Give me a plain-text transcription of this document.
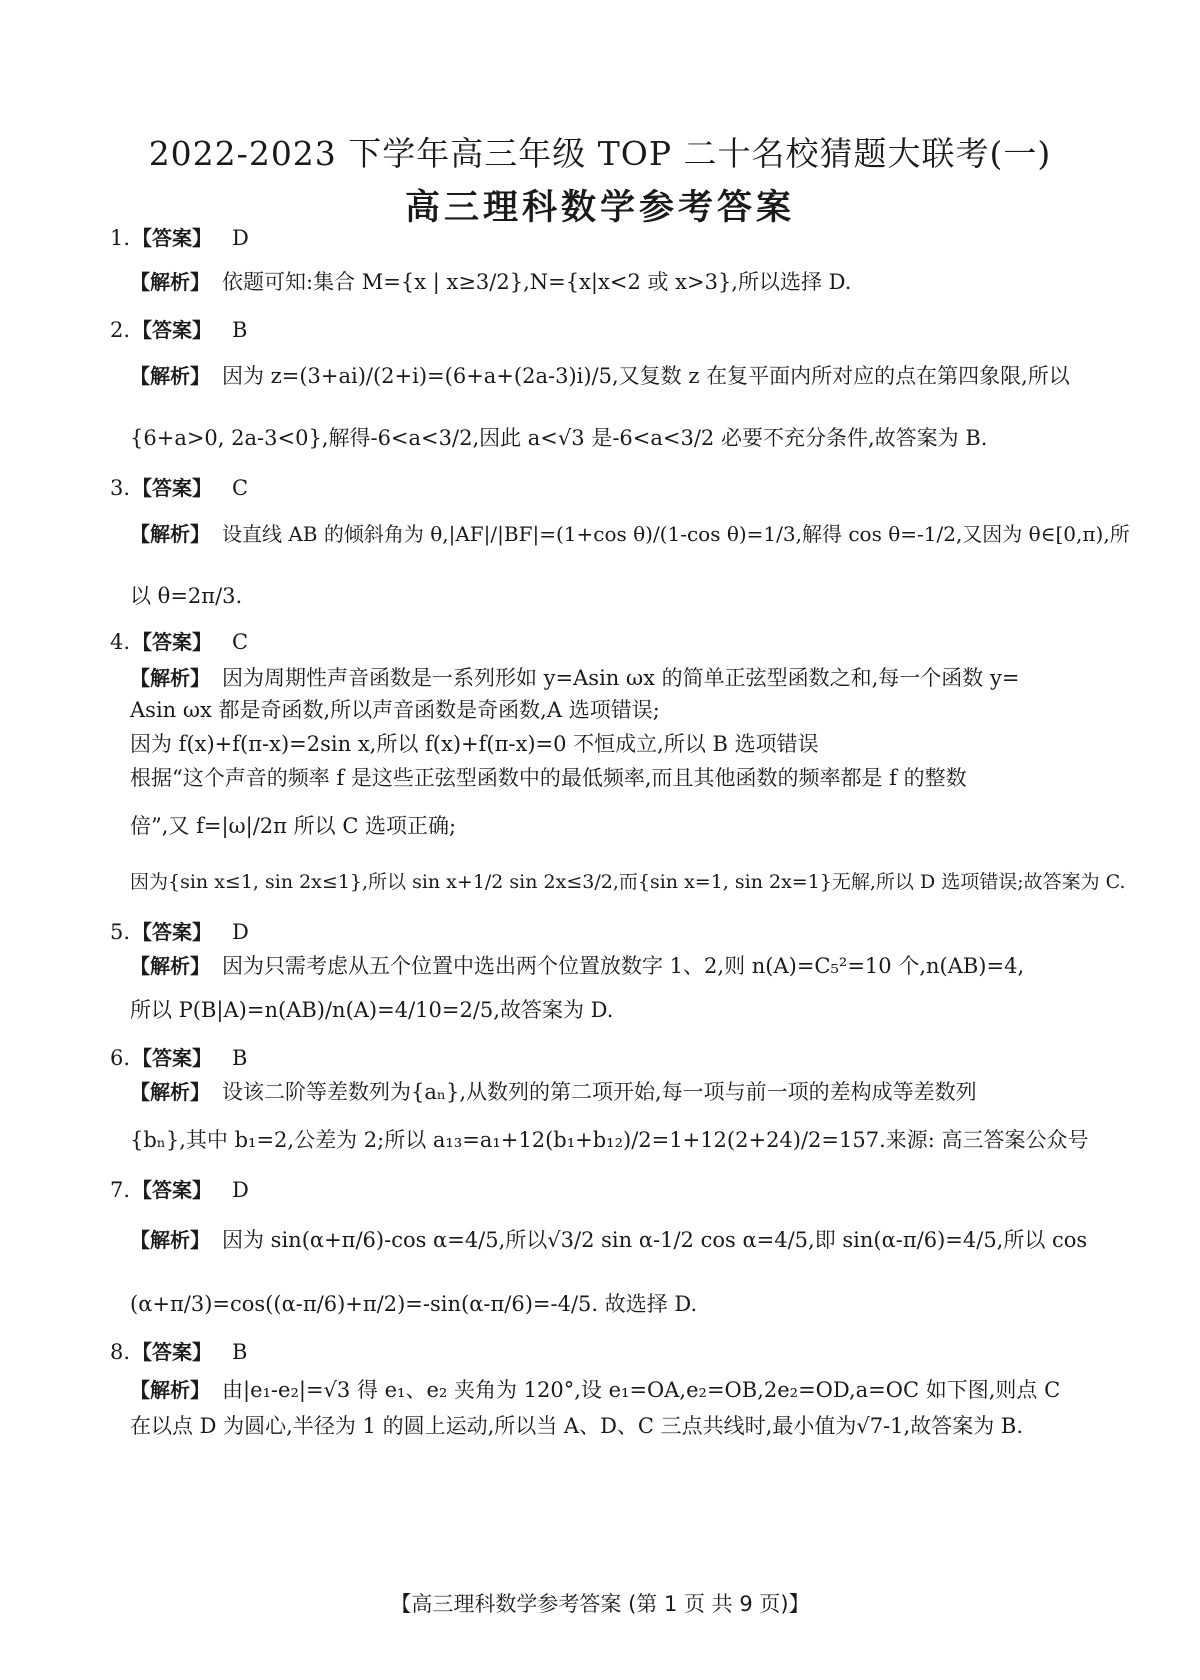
2022-2023 下学年高三年级 TOP 二十名校猜题大联考(一)
高三理科数学参考答案
1.【答案】 D
【解析】 依题可知:集合 M={x | x≥3/2},N={x|x<2 或 x>3},所以选择 D.
2.【答案】 B
【解析】 因为 z=(3+ai)/(2+i)=(6+a+(2a-3)i)/5,又复数 z 在复平面内所对应的点在第四象限,所以
{6+a>0, 2a-3<0},解得-6<a<3/2,因此 a<√3 是-6<a<3/2 必要不充分条件,故答案为 B.
3.【答案】 C
【解析】 设直线 AB 的倾斜角为 θ,|AF|/|BF|=(1+cos θ)/(1-cos θ)=1/3,解得 cos θ=-1/2,又因为 θ∈[0,π),所
以 θ=2π/3.
4.【答案】 C
【解析】 因为周期性声音函数是一系列形如 y=Asin ωx 的简单正弦型函数之和,每一个函数 y=
Asin ωx 都是奇函数,所以声音函数是奇函数,A 选项错误;
因为 f(x)+f(π-x)=2sin x,所以 f(x)+f(π-x)=0 不恒成立,所以 B 选项错误
根据“这个声音的频率 f 是这些正弦型函数中的最低频率,而且其他函数的频率都是 f 的整数
倍”,又 f=|ω|/2π 所以 C 选项正确;
因为{sin x≤1, sin 2x≤1},所以 sin x+1/2 sin 2x≤3/2,而{sin x=1, sin 2x=1}无解,所以 D 选项错误;故答案为 C.
5.【答案】 D
【解析】 因为只需考虑从五个位置中选出两个位置放数字 1、2,则 n(A)=C₅²=10 个,n(AB)=4,
所以 P(B|A)=n(AB)/n(A)=4/10=2/5,故答案为 D.
6.【答案】 B
【解析】 设该二阶等差数列为{aₙ},从数列的第二项开始,每一项与前一项的差构成等差数列
{bₙ},其中 b₁=2,公差为 2;所以 a₁₃=a₁+12(b₁+b₁₂)/2=1+12(2+24)/2=157.来源: 高三答案公众号
7.【答案】 D
【解析】 因为 sin(α+π/6)-cos α=4/5,所以√3/2 sin α-1/2 cos α=4/5,即 sin(α-π/6)=4/5,所以 cos
(α+π/3)=cos((α-π/6)+π/2)=-sin(α-π/6)=-4/5. 故选择 D.
8.【答案】 B
【解析】 由|e₁-e₂|=√3 得 e₁、e₂ 夹角为 120°,设 e₁=OA,e₂=OB,2e₂=OD,a=OC 如下图,则点 C
在以点 D 为圆心,半径为 1 的圆上运动,所以当 A、D、C 三点共线时,最小值为√7-1,故答案为 B.
【高三理科数学参考答案 (第 1 页 共 9 页)】
